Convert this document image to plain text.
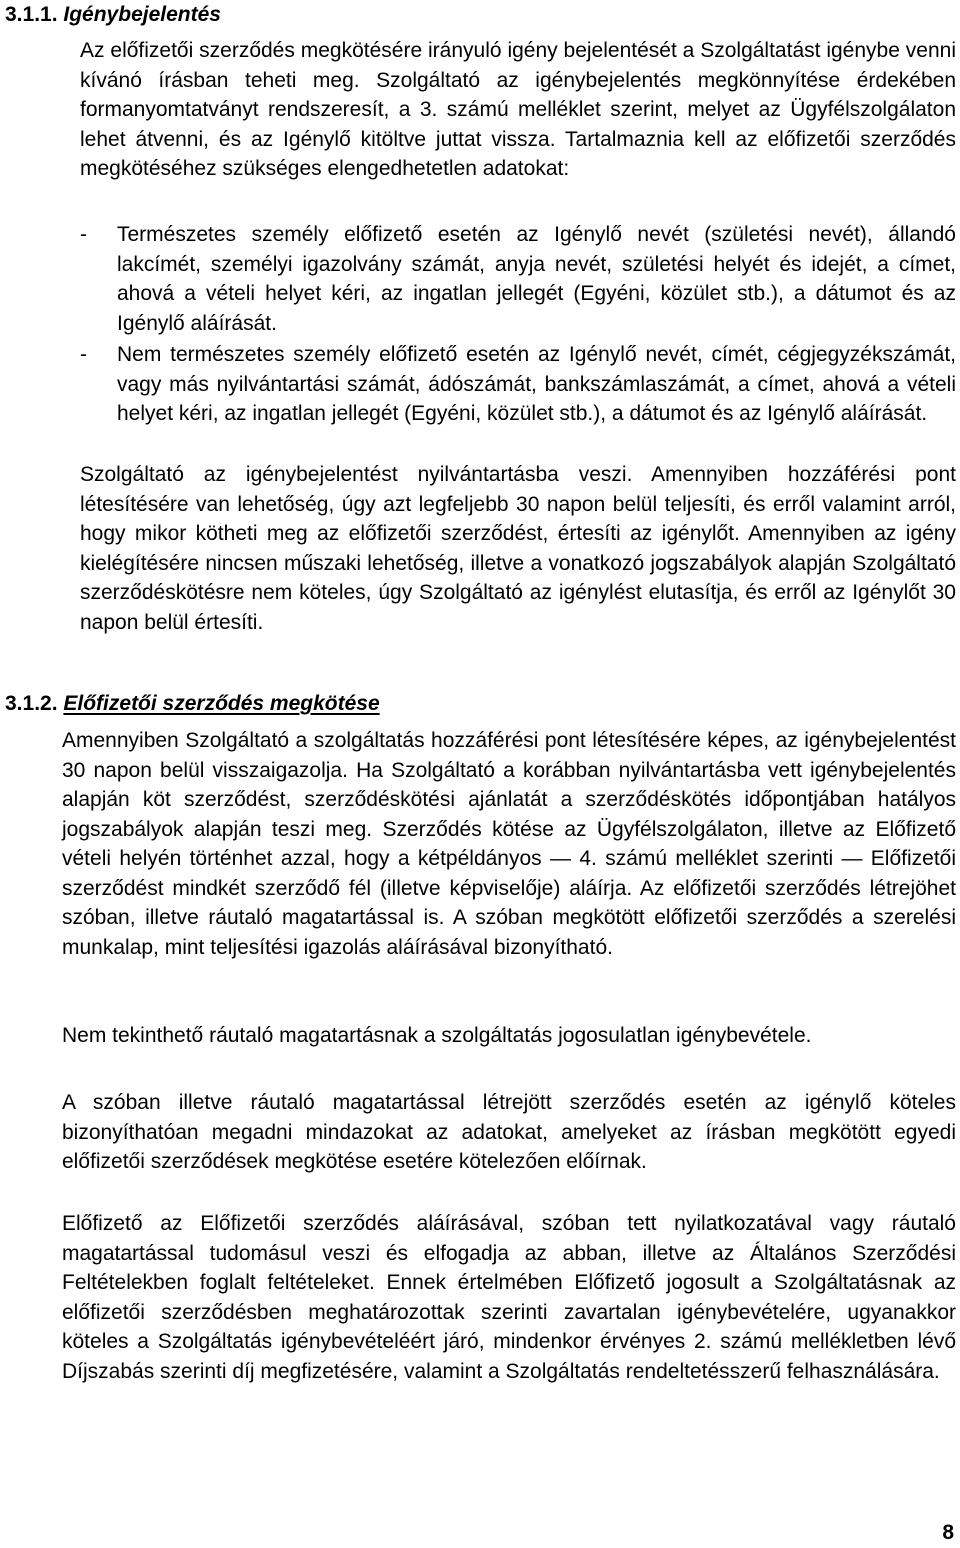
3.1.1. Igénybejelentés

Az előfizetői szerződés megkötésére irányuló igény bejelentését a Szolgáltatást igénybe venni kívánó írásban teheti meg. Szolgáltató az igénybejelentés megkönnyítése érdekében formanyomtatványt rendszeresít, a 3. számú melléklet szerint, melyet az Ügyfélszolgálaton lehet átvenni, és az Igénylő kitöltve juttat vissza. Tartalmaznia kell az előfizetői szerződés megkötéséhez szükséges elengedhetetlen adatokat:

- Természetes személy előfizető esetén az Igénylő nevét (születési nevét), állandó lakcímét, személyi igazolvány számát, anyja nevét, születési helyét és idejét, a címet, ahová a vételi helyet kéri, az ingatlan jellegét (Egyéni, közület stb.), a dátumot és az Igénylő aláírását.
- Nem természetes személy előfizető esetén az Igénylő nevét, címét, cégjegyzékszámát, vagy más nyilvántartási számát, ádószámát, bankszámlaszámát, a címet, ahová a vételi helyet kéri, az ingatlan jellegét (Egyéni, közület stb.), a dátumot és az Igénylő aláírását.

Szolgáltató az igénybejelentést nyilvántartásba veszi. Amennyiben hozzáférési pont létesítésére van lehetőség, úgy azt legfeljebb 30 napon belül teljesíti, és erről valamint arról, hogy mikor kötheti meg az előfizetői szerződést, értesíti az igénylőt. Amennyiben az igény kielégítésére nincsen műszaki lehetőség, illetve a vonatkozó jogszabályok alapján Szolgáltató szerződéskötésre nem köteles, úgy Szolgáltató az igénylést elutasítja, és erről az Igénylőt 30 napon belül értesíti.

3.1.2. Előfizetői szerződés megkötése

Amennyiben Szolgáltató a szolgáltatás hozzáférési pont létesítésére képes, az igénybejelentést 30 napon belül visszaigazolja. Ha Szolgáltató a korábban nyilvántartásba vett igénybejelentés alapján köt szerződést, szerződéskötési ajánlatát a szerződéskötés időpontjában hatályos jogszabályok alapján teszi meg. Szerződés kötése az Ügyfélszolgálaton, illetve az Előfizető vételi helyén történhet azzal, hogy a kétpéldányos — 4. számú melléklet szerinti — Előfizetői szerződést mindkét szerződő fél (illetve képviselője) aláírja. Az előfizetői szerződés létrejöhet szóban, illetve ráutaló magatartással is. A szóban megkötött előfizetői szerződés a szerelési munkalap, mint teljesítési igazolás aláírásával bizonyítható.

Nem tekinthető ráutaló magatartásnak a szolgáltatás jogosulatlan igénybevétele.

A szóban illetve ráutaló magatartással létrejött szerződés esetén az igénylő köteles bizonyíthatóan megadni mindazokat az adatokat, amelyeket az írásban megkötött egyedi előfizetői szerződések megkötése esetére kötelezően előírnak.

Előfizető az Előfizetői szerződés aláírásával, szóban tett nyilatkozatával vagy ráutaló magatartással tudomásul veszi és elfogadja az abban, illetve az Általános Szerződési Feltételekben foglalt feltételeket. Ennek értelmében Előfizető jogosult a Szolgáltatásnak az előfizetői szerződésben meghatározottak szerinti zavartalan igénybevételére, ugyanakkor köteles a Szolgáltatás igénybevételéért járó, mindenkor érvényes 2. számú mellékletben lévő Díjszabás szerinti díj megfizetésére, valamint a Szolgáltatás rendeltetésszerű felhasználására.

8
